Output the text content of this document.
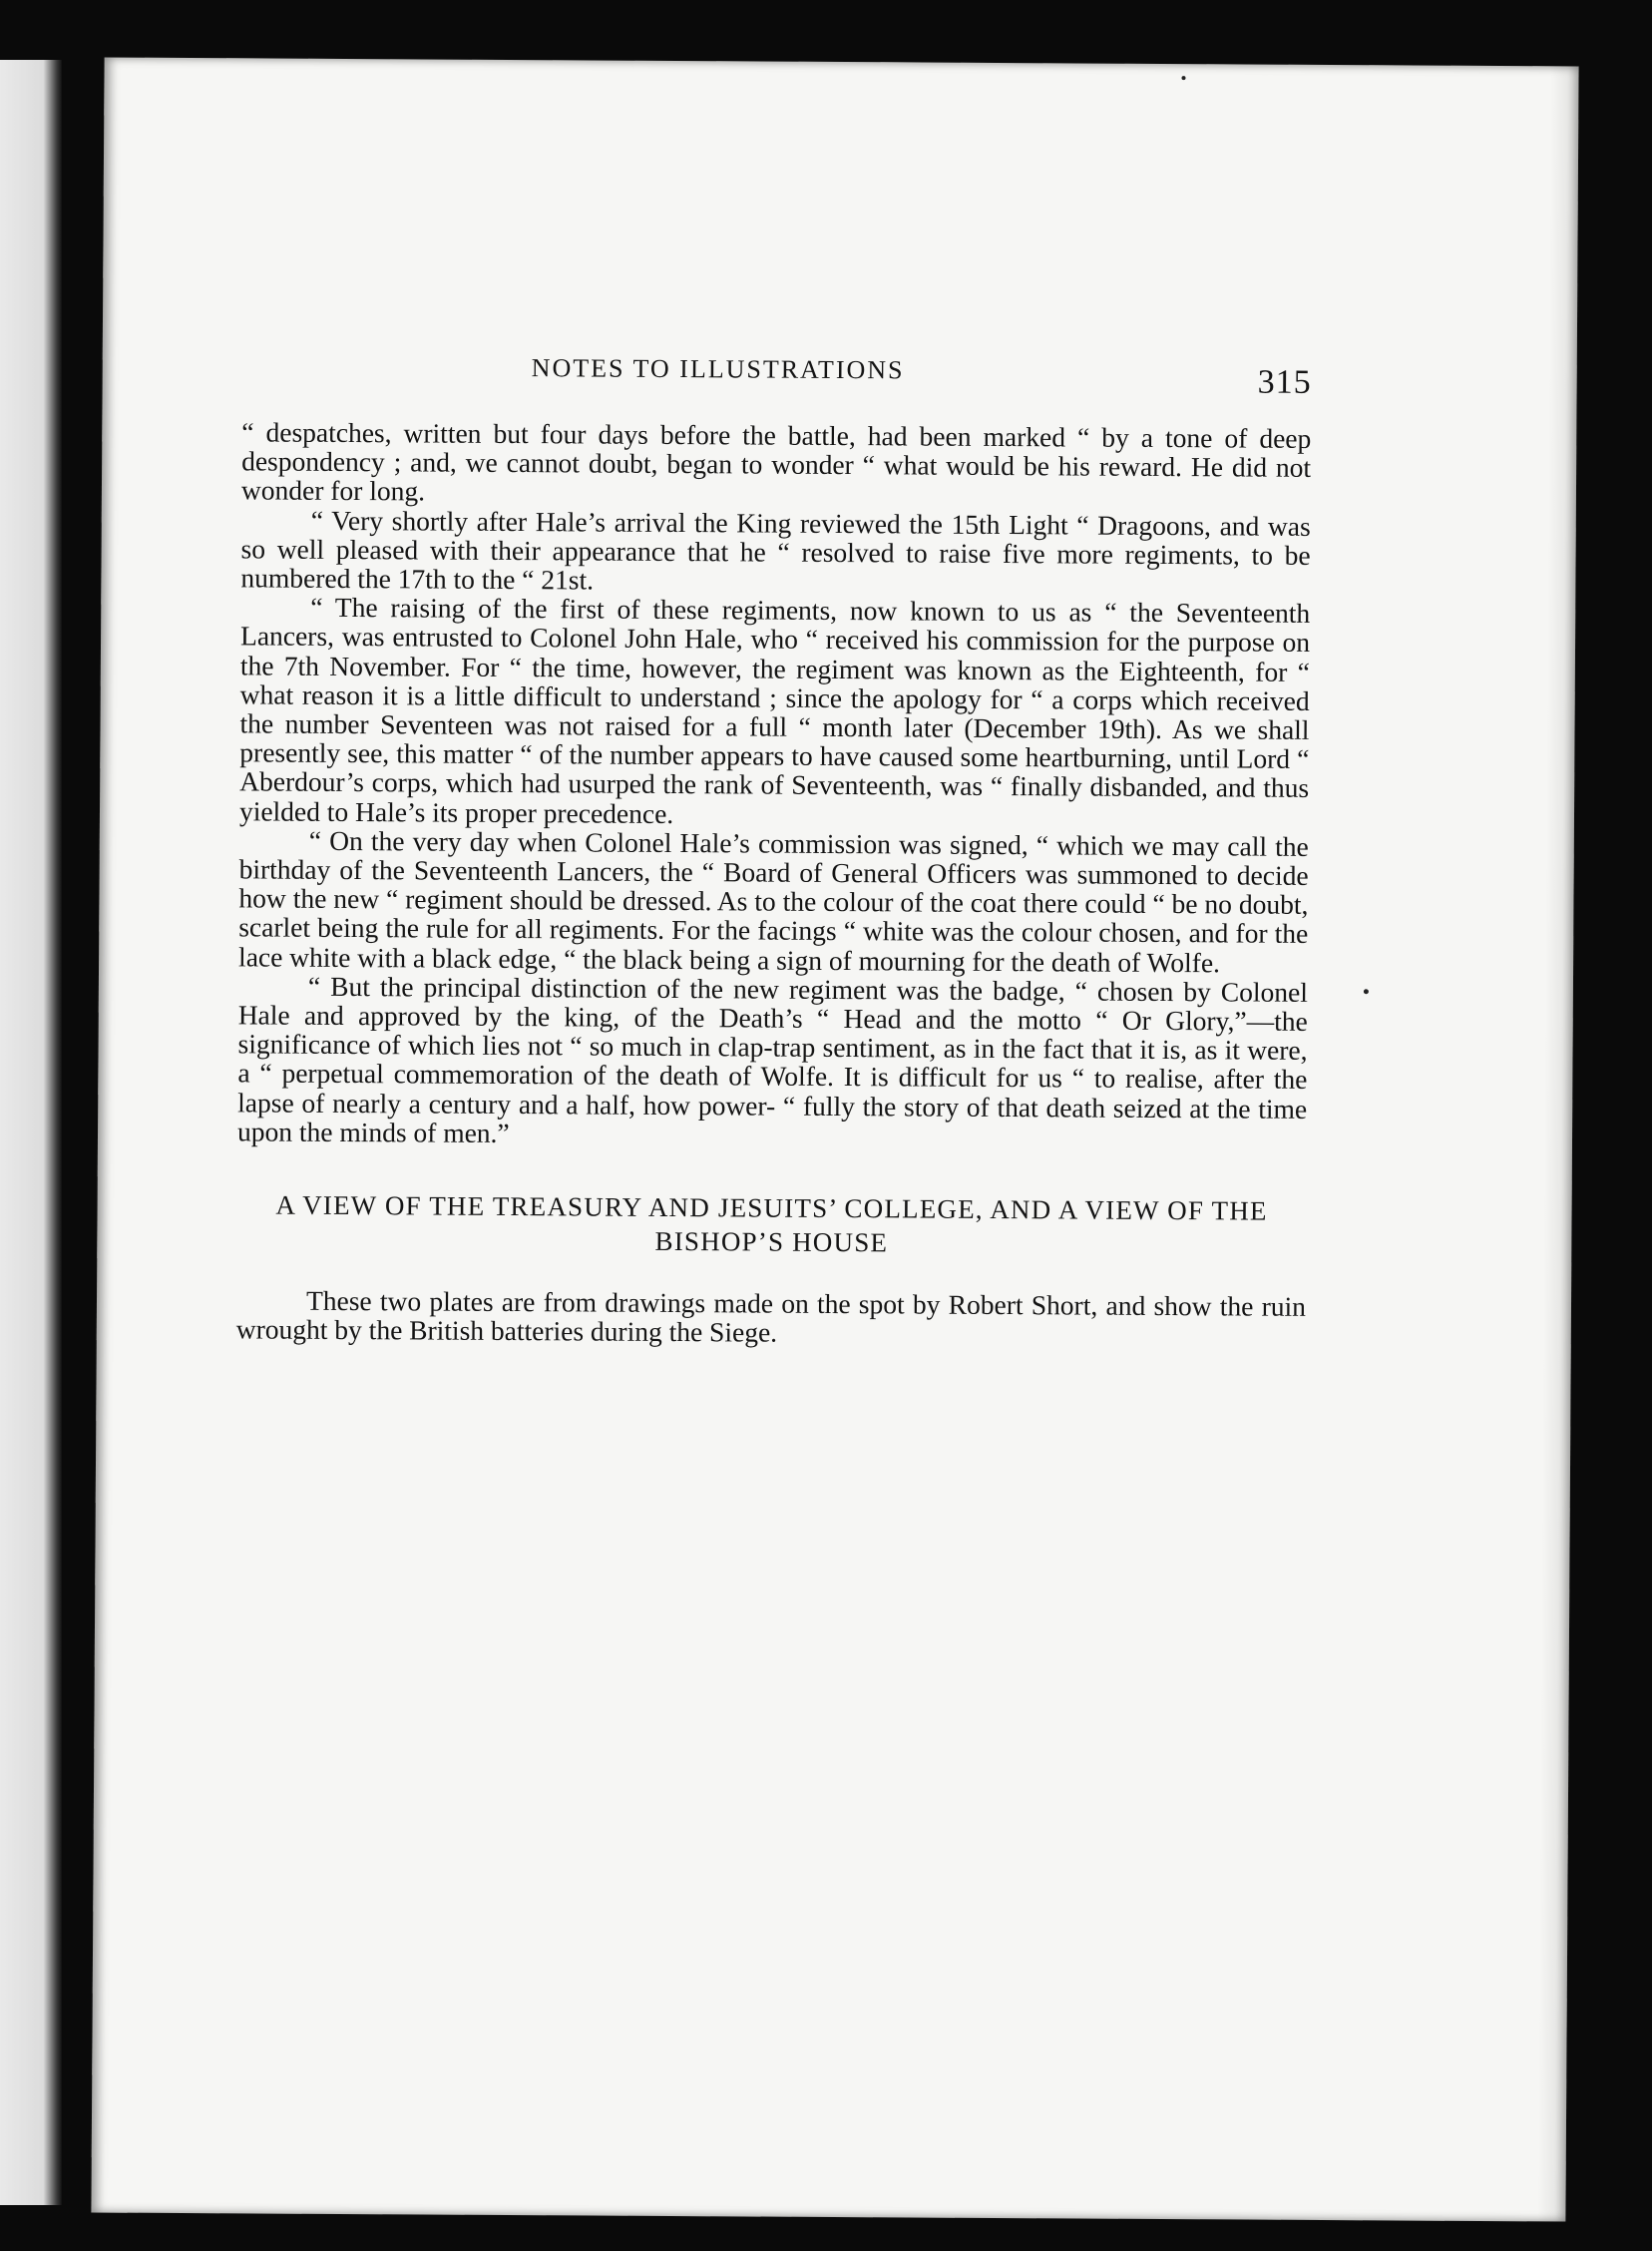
NOTES TO ILLUSTRATIONS	315

“ despatches, written but four days before the battle, had been marked “ by a tone of deep despondency ; and, we cannot doubt, began to wonder “ what would be his reward. He did not wonder for long.

“ Very shortly after Hale’s arrival the King reviewed the 15th Light “ Dragoons, and was so well pleased with their appearance that he “ resolved to raise five more regiments, to be numbered the 17th to the “ 21st.

“ The raising of the first of these regiments, now known to us as “ the Seventeenth Lancers, was entrusted to Colonel John Hale, who “ received his commission for the purpose on the 7th November. For “ the time, however, the regiment was known as the Eighteenth, for “ what reason it is a little difficult to understand ; since the apology for “ a corps which received the number Seventeen was not raised for a full “ month later (December 19th). As we shall presently see, this matter “ of the number appears to have caused some heartburning, until Lord “ Aberdour’s corps, which had usurped the rank of Seventeenth, was “ finally disbanded, and thus yielded to Hale’s its proper precedence.

“ On the very day when Colonel Hale’s commission was signed, “ which we may call the birthday of the Seventeenth Lancers, the “ Board of General Officers was summoned to decide how the new “ regiment should be dressed. As to the colour of the coat there could “ be no doubt, scarlet being the rule for all regiments. For the facings “ white was the colour chosen, and for the lace white with a black edge, “ the black being a sign of mourning for the death of Wolfe.

“ But the principal distinction of the new regiment was the badge, “ chosen by Colonel Hale and approved by the king, of the Death’s “ Head and the motto “ Or Glory,”—the significance of which lies not “ so much in clap-trap sentiment, as in the fact that it is, as it were, a “ perpetual commemoration of the death of Wolfe. It is difficult for us “ to realise, after the lapse of nearly a century and a half, how power- “ fully the story of that death seized at the time upon the minds of men.”

A VIEW OF THE TREASURY AND JESUITS’ COLLEGE, AND A VIEW OF THE BISHOP’S HOUSE

These two plates are from drawings made on the spot by Robert Short, and show the ruin wrought by the British batteries during the Siege.
